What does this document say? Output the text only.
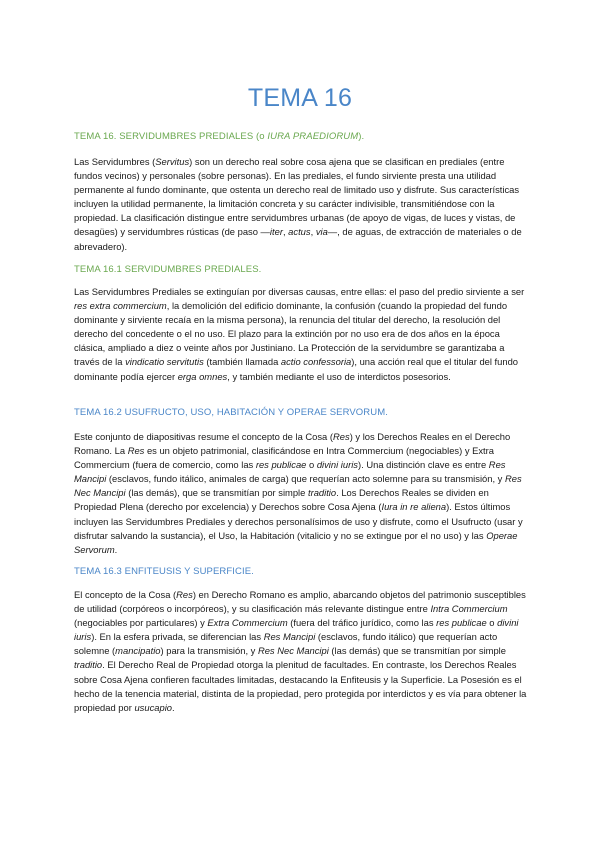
TEMA 16
TEMA 16. SERVIDUMBRES PREDIALES (o IURA PRAEDIORUM).
Las Servidumbres (Servitus) son un derecho real sobre cosa ajena que se clasifican en prediales (entre fundos vecinos) y personales (sobre personas). En las prediales, el fundo sirviente presta una utilidad permanente al fundo dominante, que ostenta un derecho real de limitado uso y disfrute. Sus características incluyen la utilidad permanente, la limitación concreta y su carácter indivisible, transmitiéndose con la propiedad. La clasificación distingue entre servidumbres urbanas (de apoyo de vigas, de luces y vistas, de desagües) y servidumbres rústicas (de paso —iter, actus, via—, de aguas, de extracción de materiales o de abrevadero).
TEMA 16.1 SERVIDUMBRES PREDIALES.
Las Servidumbres Prediales se extinguían por diversas causas, entre ellas: el paso del predio sirviente a ser res extra commercium, la demolición del edificio dominante, la confusión (cuando la propiedad del fundo dominante y sirviente recaía en la misma persona), la renuncia del titular del derecho, la resolución del derecho del concedente o el no uso. El plazo para la extinción por no uso era de dos años en la época clásica, ampliado a diez o veinte años por Justiniano. La Protección de la servidumbre se garantizaba a través de la vindicatio servitutis (también llamada actio confessoria), una acción real que el titular del fundo dominante podía ejercer erga omnes, y también mediante el uso de interdictos posesorios.
TEMA 16.2 USUFRUCTO, USO, HABITACIÓN Y OPERAE SERVORUM.
Este conjunto de diapositivas resume el concepto de la Cosa (Res) y los Derechos Reales en el Derecho Romano. La Res es un objeto patrimonial, clasificándose en Intra Commercium (negociables) y Extra Commercium (fuera de comercio, como las res publicae o divini iuris). Una distinción clave es entre Res Mancipi (esclavos, fundo itálico, animales de carga) que requerían acto solemne para su transmisión, y Res Nec Mancipi (las demás), que se transmitían por simple traditio. Los Derechos Reales se dividen en Propiedad Plena (derecho por excelencia) y Derechos sobre Cosa Ajena (Iura in re aliena). Estos últimos incluyen las Servidumbres Prediales y derechos personalísimos de uso y disfrute, como el Usufructo (usar y disfrutar salvando la sustancia), el Uso, la Habitación (vitalicio y no se extingue por el no uso) y las Operae Servorum.
TEMA 16.3 ENFITEUSIS Y SUPERFICIE.
El concepto de la Cosa (Res) en Derecho Romano es amplio, abarcando objetos del patrimonio susceptibles de utilidad (corpóreos o incorpóreos), y su clasificación más relevante distingue entre Intra Commercium (negociables por particulares) y Extra Commercium (fuera del tráfico jurídico, como las res publicae o divini iuris). En la esfera privada, se diferencian las Res Mancipi (esclavos, fundo itálico) que requerían acto solemne (mancipatio) para la transmisión, y Res Nec Mancipi (las demás) que se transmitían por simple traditio. El Derecho Real de Propiedad otorga la plenitud de facultades. En contraste, los Derechos Reales sobre Cosa Ajena confieren facultades limitadas, destacando la Enfiteusis y la Superficie. La Posesión es el hecho de la tenencia material, distinta de la propiedad, pero protegida por interdictos y es vía para obtener la propiedad por usucapio.
